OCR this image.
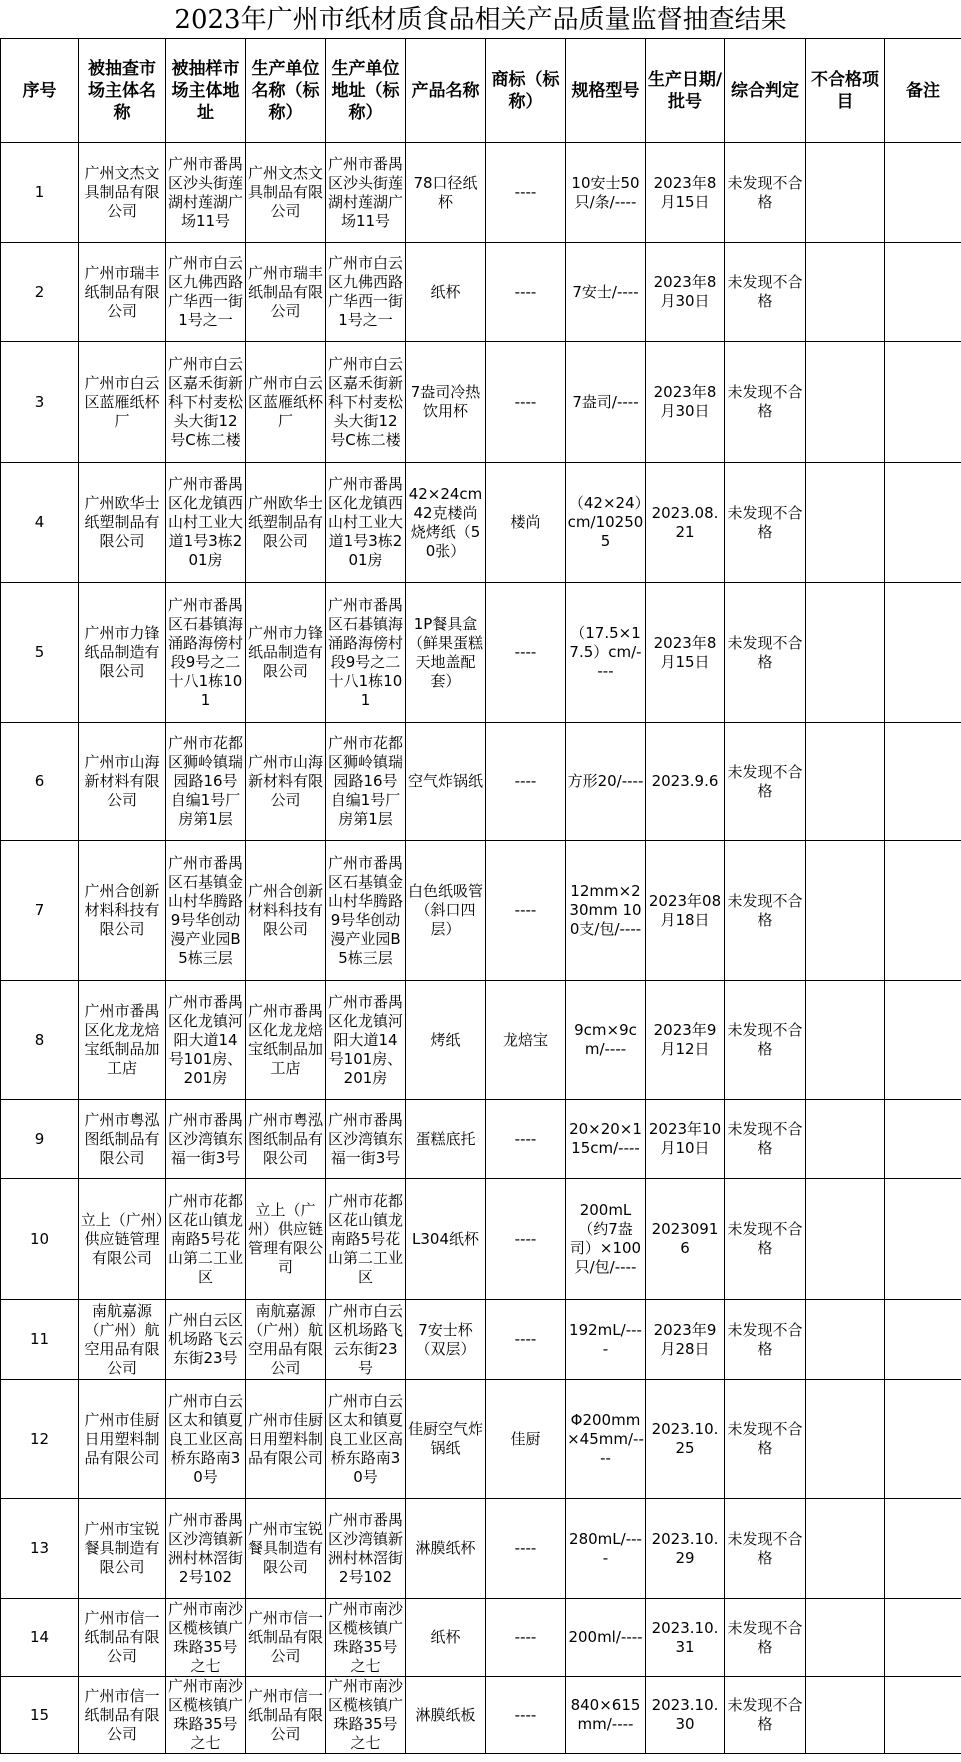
2023年广州市纸材质食品相关产品质量监督抽查结果
序号	被抽查市场主体名称	被抽样市场主体地址	生产单位名称（标称）	生产单位地址（标称）	产品名称	商标（标称）	规格型号	生产日期/批号	综合判定	不合格项目	备注
1	广州文杰文具制品有限公司	广州市番禺区沙头街莲湖村莲湖广场11号	广州文杰文具制品有限公司	广州市番禺区沙头街莲湖村莲湖广场11号	78口径纸杯	----	10安士50只/条/----	2023年8月15日	未发现不合格		
2	广州市瑞丰纸制品有限公司	广州市白云区九佛西路广华西一街1号之一	广州市瑞丰纸制品有限公司	广州市白云区九佛西路广华西一街1号之一	纸杯	----	7安士/----	2023年8月30日	未发现不合格		
3	广州市白云区蓝雁纸杯厂	广州市白云区嘉禾街新科下村麦松头大街12号C栋二楼	广州市白云区蓝雁纸杯厂	广州市白云区嘉禾街新科下村麦松头大街12号C栋二楼	7盎司冷热饮用杯	----	7盎司/----	2023年8月30日	未发现不合格		
4	广州欧华士纸塑制品有限公司	广州市番禺区化龙镇西山村工业大道1号3栋201房	广州欧华士纸塑制品有限公司	广州市番禺区化龙镇西山村工业大道1号3栋201房	42×24cm42克楼尚烧烤纸（50张）	楼尚	（42×24）cm/102505	2023.08.21	未发现不合格		
5	广州市力锋纸品制造有限公司	广州市番禺区石碁镇海涌路海傍村段9号之二十八1栋101	广州市力锋纸品制造有限公司	广州市番禺区石碁镇海涌路海傍村段9号之二十八1栋101	1P餐具盒（鲜果蛋糕天地盖配套）	----	（17.5×17.5）cm/----	2023年8月15日	未发现不合格		
6	广州市山海新材料有限公司	广州市花都区狮岭镇瑞园路16号自编1号厂房第1层	广州市山海新材料有限公司	广州市花都区狮岭镇瑞园路16号自编1号厂房第1层	空气炸锅纸	----	方形20/----	2023.9.6	未发现不合格		
7	广州合创新材料科技有限公司	广州市番禺区石基镇金山村华腾路9号华创动漫产业园B5栋三层	广州合创新材料科技有限公司	广州市番禺区石基镇金山村华腾路9号华创动漫产业园B5栋三层	白色纸吸管（斜口四层）	----	12mm×230mm 100支/包/----	2023年08月18日	未发现不合格		
8	广州市番禺区化龙龙焙宝纸制品加工店	广州市番禺区化龙镇河阳大道14号101房、201房	广州市番禺区化龙龙焙宝纸制品加工店	广州市番禺区化龙镇河阳大道14号101房、201房	烤纸	龙焙宝	9cm×9cm/----	2023年9月12日	未发现不合格		
9	广州市粤泓图纸制品有限公司	广州市番禺区沙湾镇东福一街3号	广州市粤泓图纸制品有限公司	广州市番禺区沙湾镇东福一街3号	蛋糕底托	----	20×20×115cm/----	2023年10月10日	未发现不合格		
10	立上（广州）供应链管理有限公司	广州市花都区花山镇龙南路5号花山第二工业区	立上（广州）供应链管理有限公司	广州市花都区花山镇龙南路5号花山第二工业区	L304纸杯	----	200mL（约7盎司）×100只/包/----	20230916	未发现不合格		
11	南航嘉源（广州）航空用品有限公司	广州白云区机场路飞云东街23号	南航嘉源（广州）航空用品有限公司	广州市白云区机场路飞云东街23号	7安士杯（双层）	----	192mL/----	2023年9月28日	未发现不合格		
12	广州市佳厨日用塑料制品有限公司	广州市白云区太和镇夏良工业区高桥东路南30号	广州市佳厨日用塑料制品有限公司	广州市白云区太和镇夏良工业区高桥东路南30号	佳厨空气炸锅纸	佳厨	Φ200mm×45mm/----	2023.10.25	未发现不合格		
13	广州市宝锐餐具制造有限公司	广州市番禺区沙湾镇新洲村林滘街2号102	广州市宝锐餐具制造有限公司	广州市番禺区沙湾镇新洲村林滘街2号102	淋膜纸杯	----	280mL/----	2023.10.29	未发现不合格		
14	广州市信一纸制品有限公司	广州市南沙区榄核镇广珠路35号之七	广州市信一纸制品有限公司	广州市南沙区榄核镇广珠路35号之七	纸杯	----	200ml/----	2023.10.31	未发现不合格		
15	广州市信一纸制品有限公司	广州市南沙区榄核镇广珠路35号之七	广州市信一纸制品有限公司	广州市南沙区榄核镇广珠路35号之七	淋膜纸板	----	840×615mm/----	2023.10.30	未发现不合格		
